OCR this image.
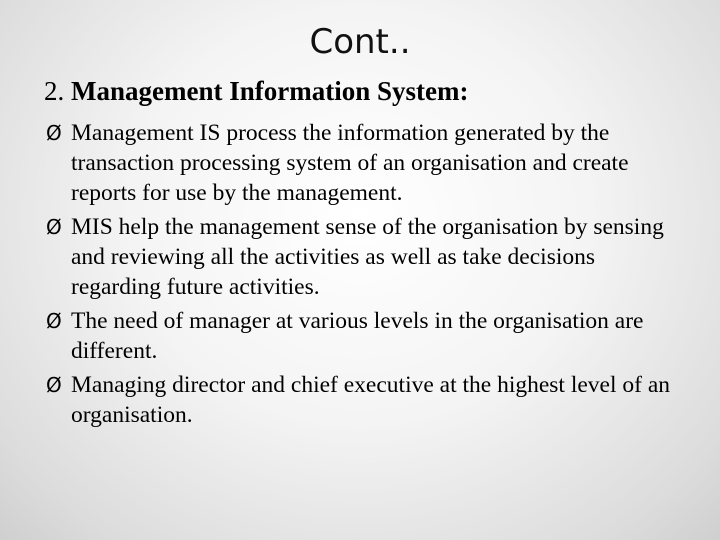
Cont..
2. Management Information System:
Ø Management IS process the information generated by the transaction processing system of an organisation and create reports for use by the management.
Ø MIS help the management sense of the organisation by sensing and reviewing all the activities as well as take decisions regarding future activities.
Ø The need of manager at various levels in the organisation are different.
Ø Managing director and chief executive at the highest level of an organisation.
